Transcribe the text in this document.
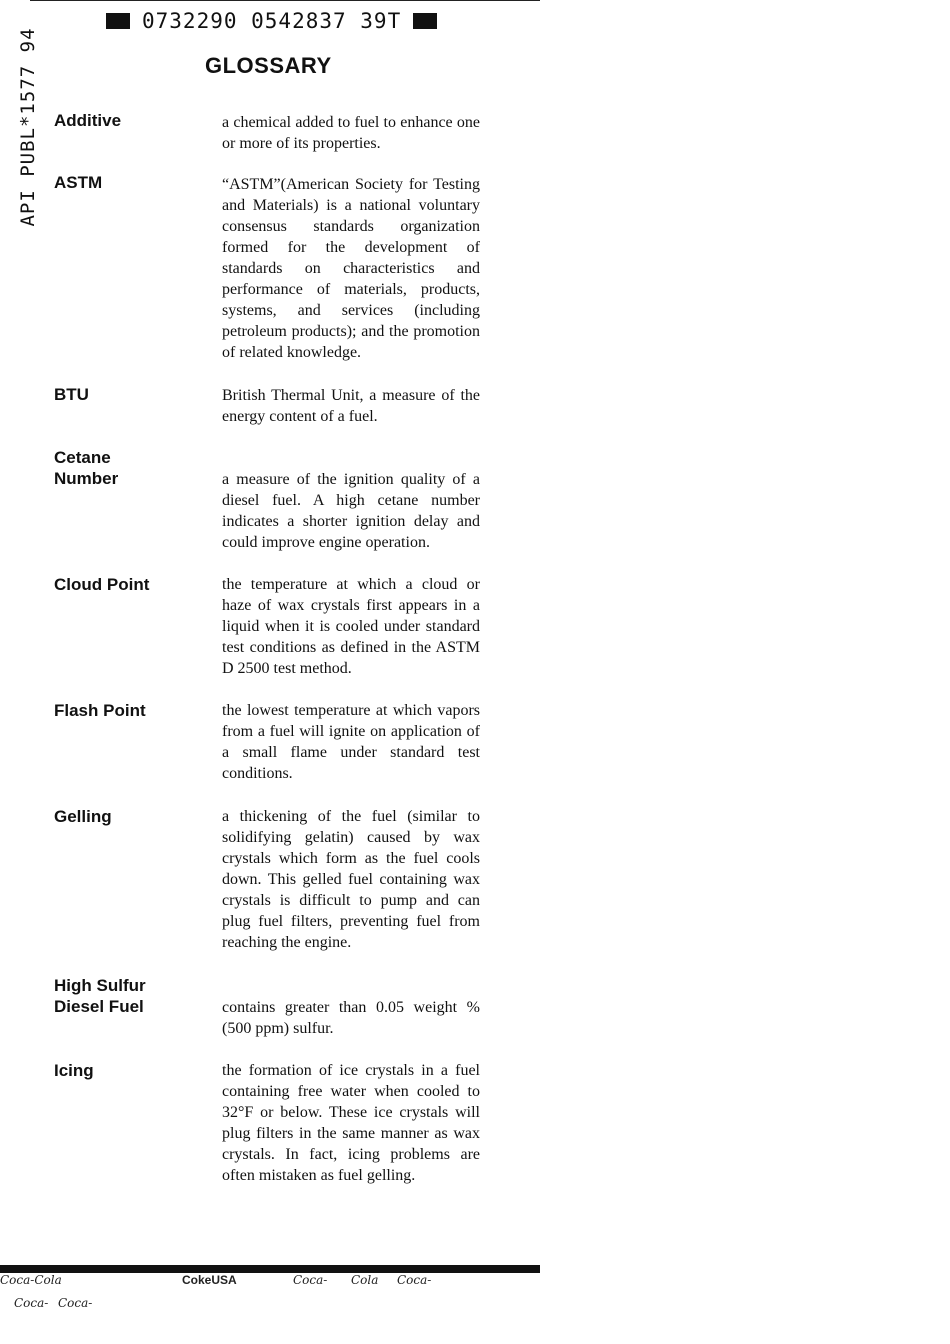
API PUBL*1577 94
0732290 0542837 39T
GLOSSARY
Additive	a chemical added to fuel to enhance one or more of its properties.
ASTM	“ASTM”(American Society for Testing and Materials) is a national voluntary consensus standards organization formed for the development of standards on characteristics and performance of materials, products, systems, and services (including petroleum products); and the promotion of related knowledge.
BTU	British Thermal Unit, a measure of the energy content of a fuel.
Cetane Number	a measure of the ignition quality of a diesel fuel. A high cetane number indicates a shorter ignition delay and could improve engine operation.
Cloud Point	the temperature at which a cloud or haze of wax crystals first appears in a liquid when it is cooled under standard test conditions as defined in the ASTM D 2500 test method.
Flash Point	the lowest temperature at which vapors from a fuel will ignite on application of a small flame under standard test conditions.
Gelling	a thickening of the fuel (similar to solidifying gelatin) caused by wax crystals which form as the fuel cools down. This gelled fuel containing wax crystals is difficult to pump and can plug fuel filters, preventing fuel from reaching the engine.
High Sulfur Diesel Fuel	contains greater than 0.05 weight % (500 ppm) sulfur.
Icing	the formation of ice crystals in a fuel containing free water when cooled to 32°F or below. These ice crystals will plug filters in the same manner as wax crystals. In fact, icing problems are often mistaken as fuel gelling.
Coca-Cola	CokeUSA	Coca- Cola Coca-
Coca- Coca-
